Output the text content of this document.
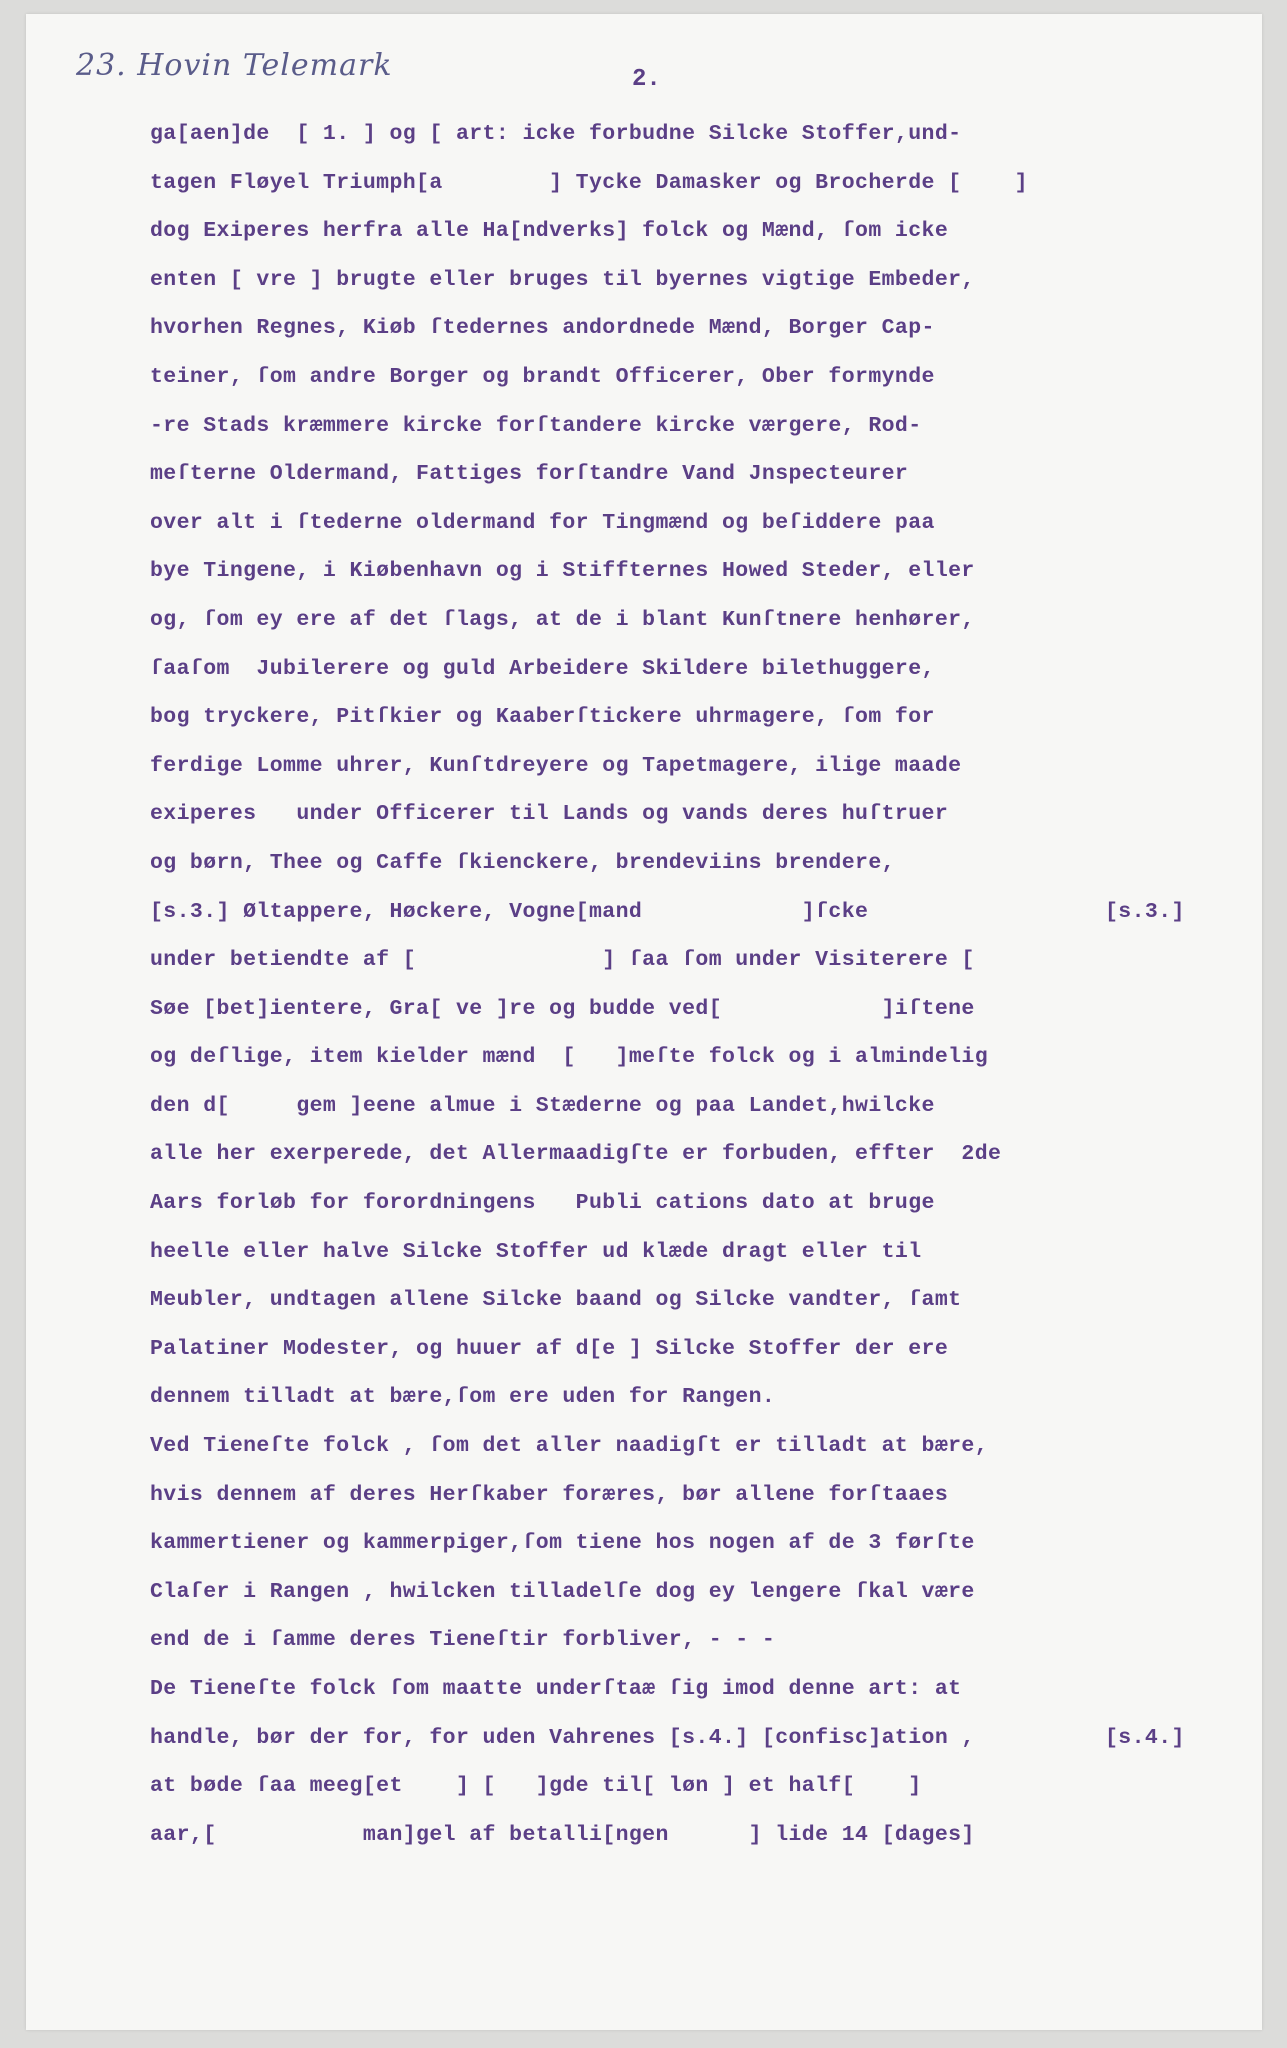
23. Hovin Telemark	2.
ga[aen]de  [ 1. ] og [ art: icke forbudne Silcke Stoffer,und-
tagen Fløyel Triumph[a        ] Tycke Damasker og Brocherde [    ]
dog Exiperes herfra alle Ha[ndverks] folck og Mænd, ſom icke
enten [ vre ] brugte eller bruges til byernes vigtige Embeder,
hvorhen Regnes, Kiøb ſtedernes andordnede Mænd, Borger Cap-
teiner, ſom andre Borger og brandt Officerer, Ober formynde
-re Stads kræmmere kircke forſtandere kircke værgere, Rod-
meſterne Oldermand, Fattiges forſtandre Vand Jnspecteurer
over alt i ſtederne oldermand for Tingmænd og beſiddere paa
bye Tingene, i Kiøbenhavn og i Stiffternes Howed Steder, eller
og, ſom ey ere af det ſlags, at de i blant Kunſtnere henhører,
ſaaſom  Jubilerere og guld Arbeidere Skildere bilethuggere,
bog tryckere, Pitſkier og Kaaberſtickere uhrmagere, ſom for
ferdige Lomme uhrer, Kunſtdreyere og Tapetmagere, ilige maade
exiperes   under Officerer til Lands og vands deres huſtruer
og børn, Thee og Caffe ſkienckere, brendeviins brendere,
[s.3.] Øltappere, Høckere, Vogne[mand            ]ſcke	[s.3.]
under betiendte af [              ] ſaa ſom under Visiterere [
Søe [bet]ientere, Gra[ ve ]re og budde ved[            ]iſtene
og deſlige, item kielder mænd  [   ]meſte folck og i almindelig
den d[     gem ]eene almue i Stæderne og paa Landet,hwilcke
alle her exerperede, det Allermaadigſte er forbuden, effter  2de
Aars forløb for forordningens   Publi cations dato at bruge
heelle eller halve Silcke Stoffer ud klæde dragt eller til
Meubler, undtagen allene Silcke baand og Silcke vandter, ſamt
Palatiner Modester, og huuer af d[e ] Silcke Stoffer der ere
dennem tilladt at bære,ſom ere uden for Rangen.
Ved Tieneſte folck , ſom det aller naadigſt er tilladt at bære,
hvis dennem af deres Herſkaber foræres, bør allene forſtaaes
kammertiener og kammerpiger,ſom tiene hos nogen af de 3 førſte
Claſer i Rangen , hwilcken tilladelſe dog ey lengere ſkal være
end de i ſamme deres Tieneſtir forbliver, - - -
De Tieneſte folck ſom maatte underſtaæ ſig imod denne art: at
handle, bør der for, for uden Vahrenes [s.4.] [confisc]ation ,	[s.4.]
at bøde ſaa meeg[et    ] [   ]gde til[ løn ] et half[    ]
aar,[           man]gel af betalli[ngen      ] lide 14 [dages]
